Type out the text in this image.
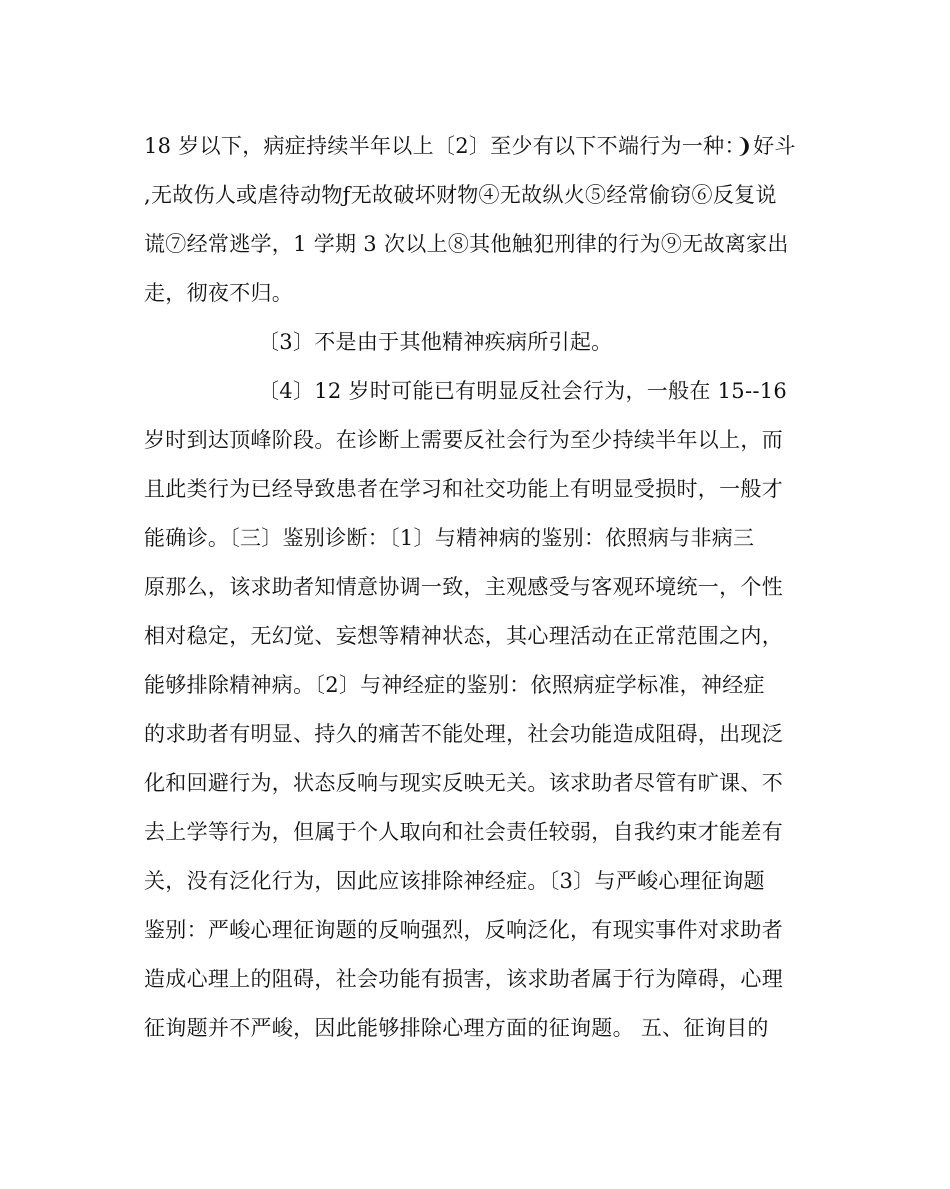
18 岁以下，病症持续半年以上〔2〕至少有以下不端行为一种：❩好斗
,无故伤人或虐待动物ƒ无故破坏财物④无故纵火⑤经常偷窃⑥反复说
谎⑦经常逃学，1 学期 3 次以上⑧其他触犯刑律的行为⑨无故离家出
走，彻夜不归。
〔3〕不是由于其他精神疾病所引起。
〔4〕12 岁时可能已有明显反社会行为，一般在 15--16
岁时到达顶峰阶段。在诊断上需要反社会行为至少持续半年以上，而
且此类行为已经导致患者在学习和社交功能上有明显受损时，一般才
能确诊。〔三〕鉴别诊断：〔1〕与精神病的鉴别：依照病与非病三
原那么，该求助者知情意协调一致，主观感受与客观环境统一，个性
相对稳定，无幻觉、妄想等精神状态，其心理活动在正常范围之内，
能够排除精神病。〔2〕与神经症的鉴别：依照病症学标准，神经症
的求助者有明显、持久的痛苦不能处理，社会功能造成阻碍，出现泛
化和回避行为，状态反响与现实反映无关。该求助者尽管有旷课、不
去上学等行为，但属于个人取向和社会责任较弱，自我约束才能差有
关，没有泛化行为，因此应该排除神经症。〔3〕与严峻心理征询题
鉴别：严峻心理征询题的反响强烈，反响泛化，有现实事件对求助者
造成心理上的阻碍，社会功能有损害，该求助者属于行为障碍，心理
征询题并不严峻，因此能够排除心理方面的征询题。 五、征询目的
